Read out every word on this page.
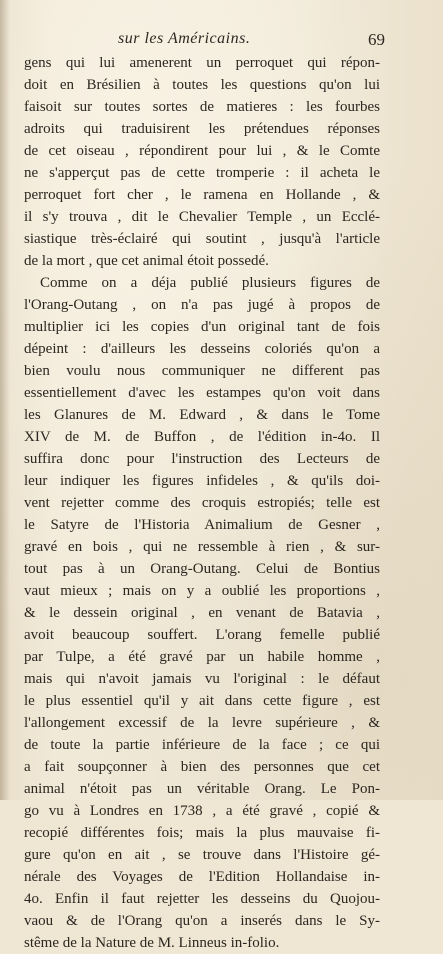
sur les Américains.	69
gens qui lui amenerent un perroquet qui répon-
doit en Brésilien à toutes les questions qu'on lui
faisoit sur toutes sortes de matieres : les fourbes
adroits qui traduisirent les prétendues réponses
de cet oiseau , répondirent pour lui , & le Comte
ne s'apperçut pas de cette tromperie : il acheta le
perroquet fort cher , le ramena en Hollande , &
il s'y trouva , dit le Chevalier Temple , un Ecclé-
siastique très-éclairé qui soutint , jusqu'à l'article
de la mort , que cet animal étoit possedé.
Comme on a déja publié plusieurs figures de
l'Orang-Outang , on n'a pas jugé à propos de
multiplier ici les copies d'un original tant de fois
dépeint : d'ailleurs les desseins coloriés qu'on a
bien voulu nous communiquer ne different pas
essentiellement d'avec les estampes qu'on voit dans
les Glanures de M. Edward , & dans le Tome
XIV de M. de Buffon , de l'édition in-4o. Il
suffira donc pour l'instruction des Lecteurs de
leur indiquer les figures infideles , & qu'ils doi-
vent rejetter comme des croquis estropiés; telle est
le Satyre de l'Historia Animalium de Gesner ,
gravé en bois , qui ne ressemble à rien , & sur-
tout pas à un Orang-Outang. Celui de Bontius
vaut mieux ; mais on y a oublié les proportions ,
& le dessein original , en venant de Batavia ,
avoit beaucoup souffert. L'orang femelle publié
par Tulpe, a été gravé par un habile homme ,
mais qui n'avoit jamais vu l'original : le défaut
le plus essentiel qu'il y ait dans cette figure , est
l'allongement excessif de la levre supérieure , &
de toute la partie inférieure de la face ; ce qui
a fait soupçonner à bien des personnes que cet
animal n'étoit pas un véritable Orang. Le Pon-
go vu à Londres en 1738 , a été gravé , copié &
recopié différentes fois; mais la plus mauvaise fi-
gure qu'on en ait , se trouve dans l'Histoire gé-
nérale des Voyages de l'Edition Hollandaise in-
4o. Enfin il faut rejetter les desseins du Quojou-
vaou & de l'Orang qu'on a inserés dans le Sy-
stême de la Nature de M. Linneus in-folio.
